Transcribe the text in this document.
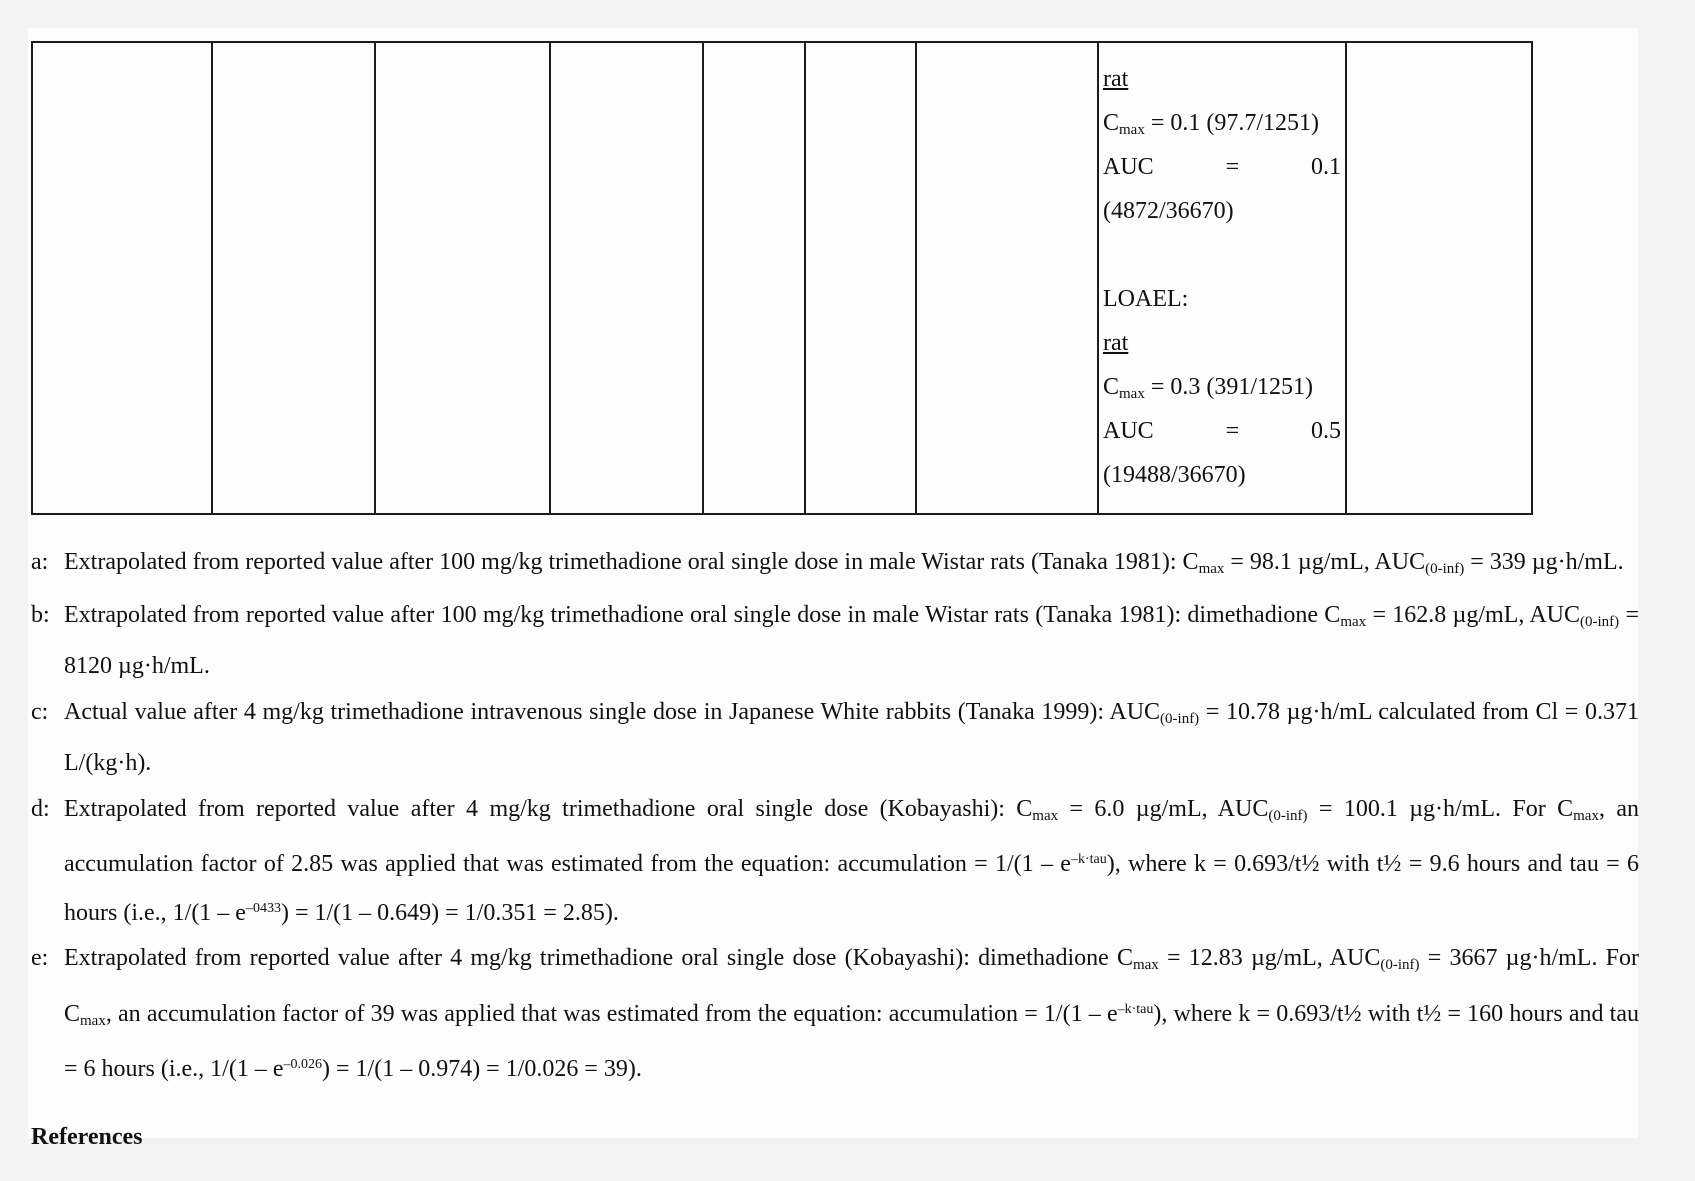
rat
$C_{max} = 0.1$ (97.7/1251)
AUC	=	0.1
(4872/36670)
LOAEL:
rat
$C_{max} = 0.3$ (391/1251)
AUC	=	0.5
(19488/36670)

a: Extrapolated from reported value after 100 mg/kg trimethadione oral single dose in male Wistar rats (Tanaka 1981): $C_{max} = 98.1$ µg/mL, $AUC_{(0-inf)} = 339$ µg·h/mL.
b: Extrapolated from reported value after 100 mg/kg trimethadione oral single dose in male Wistar rats (Tanaka 1981): dimethadione $C_{max} = 162.8$ µg/mL, $AUC_{(0-inf)} = 8120$ µg·h/mL.
c: Actual value after 4 mg/kg trimethadione intravenous single dose in Japanese White rabbits (Tanaka 1999): $AUC_{(0-inf)} = 10.78$ µg·h/mL calculated from Cl = 0.371 L/(kg·h).
d: Extrapolated from reported value after 4 mg/kg trimethadione oral single dose (Kobayashi): $C_{max} = 6.0$ µg/mL, $AUC_{(0-inf)} = 100.1$ µg·h/mL. For $C_{max}$, an accumulation factor of 2.85 was applied that was estimated from the equation: accumulation = $1/(1 - e^{-k\cdot tau})$, where k = 0.693/t½ with t½ = 9.6 hours and tau = 6 hours (i.e., $1/(1 - e^{-0433}) = 1/(1 - 0.649) = 1/0.351 = 2.85$).
e: Extrapolated from reported value after 4 mg/kg trimethadione oral single dose (Kobayashi): dimethadione $C_{max} = 12.83$ µg/mL, $AUC_{(0-inf)} = 3667$ µg·h/mL. For $C_{max}$, an accumulation factor of 39 was applied that was estimated from the equation: accumulation = $1/(1 - e^{-k\cdot tau})$, where k = 0.693/t½ with t½ = 160 hours and tau = 6 hours (i.e., $1/(1 - e^{-0.026}) = 1/(1 - 0.974) = 1/0.026 = 39$).
References
